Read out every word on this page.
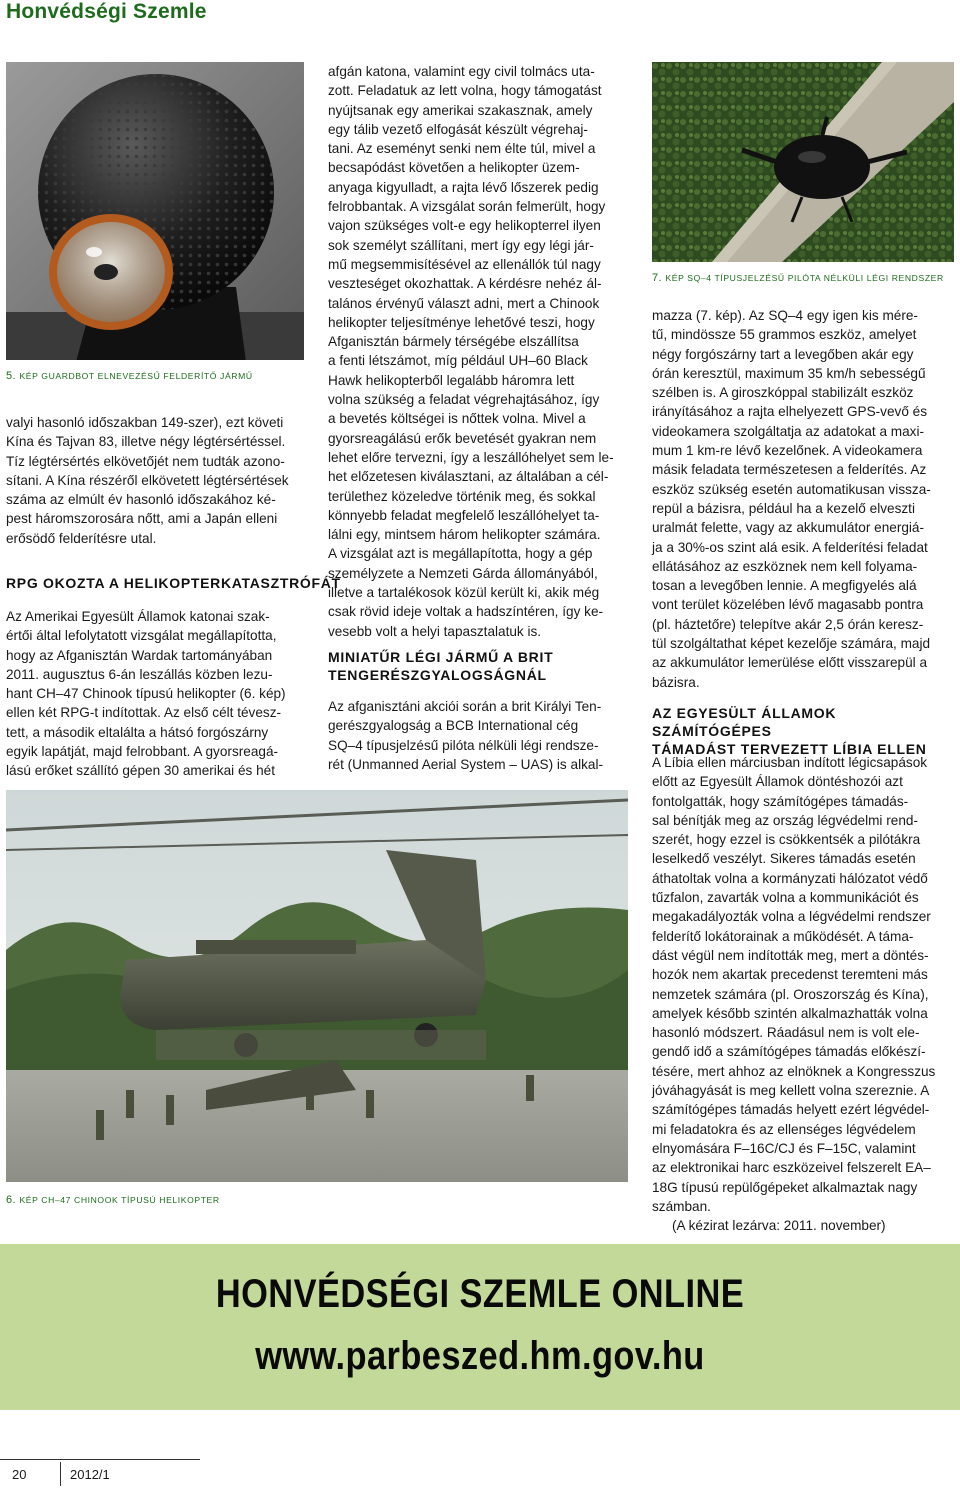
Honvédségi Szemle
5. KÉP GUARDBOT ELNEVEZÉSŰ FELDERÍTŐ JÁRMŰ

valyi hasonló időszakban 149-szer), ezt követi

Kína és Tajvan 83, illetve négy légtérsértéssel.

Tíz légtérsértés elkövetőjét nem tudták azono-

sítani. A Kína részéről elkövetett légtérsértések

száma az elmúlt év hasonló időszakához ké-

pest háromszorosára nőtt, ami a Japán elleni

erősödő felderítésre utal.

RPG OKOZTA A HELIKOPTERKATASZTRÓFÁT

Az Amerikai Egyesült Államok katonai szak-

értői által lefolytatott vizsgálat megállapította,

hogy az Afganisztán Wardak tartományában

2011. augusztus 6-án leszállás közben lezu-

hant CH–47 Chinook típusú helikopter (6. kép)

ellen két RPG-t indítottak. Az első célt tévesz-

tett, a második eltalálta a hátsó forgószárny

egyik lapátját, majd felrobbant. A gyorsreagá-

lású erőket szállító gépen 30 amerikai és hét

6. KÉP CH–47 CHINOOK TÍPUSÚ HELIKOPTER

afgán katona, valamint egy civil tolmács uta-

zott. Feladatuk az lett volna, hogy támogatást

nyújtsanak egy amerikai szakasznak, amely

egy tálib vezető elfogását készült végrehaj-

tani. Az eseményt senki nem élte túl, mivel a

becsapódást követően a helikopter üzem-

anyaga kigyulladt, a rajta lévő lőszerek pedig

felrobbantak. A vizsgálat során felmerült, hogy

vajon szükséges volt-e egy helikopterrel ilyen

sok személyt szállítani, mert így egy légi jár-

mű megsemmisítésével az ellenállók túl nagy

veszteséget okozhattak. A kérdésre nehéz ál-

talános érvényű választ adni, mert a Chinook

helikopter teljesítménye lehetővé teszi, hogy

Afganisztán bármely térségébe elszállítsa

a fenti létszámot, míg például UH–60 Black

Hawk helikopterből legalább háromra lett

volna szükség a feladat végrehajtásához, így

a bevetés költségei is nőttek volna. Mivel a

gyorsreagálású erők bevetését gyakran nem

lehet előre tervezni, így a leszállóhelyet sem le-

het előzetesen kiválasztani, az általában a cél-

területhez közeledve történik meg, és sokkal

könnyebb feladat megfelelő leszállóhelyet ta-

lálni egy, mintsem három helikopter számára.

A vizsgálat azt is megállapította, hogy a gép

személyzete a Nemzeti Gárda állományából,

illetve a tartalékosok közül került ki, akik még

csak rövid ideje voltak a hadszíntéren, így ke-

vesebb volt a helyi tapasztalatuk is.

MINIATŰR LÉGI JÁRMŰ A BRIT
TENGERÉSZGYALOGSÁGNÁL

Az afganisztáni akciói során a brit Királyi Ten-

gerészgyalogság a BCB International cég

SQ–4 típusjelzésű pilóta nélküli légi rendsze-

rét (Unmanned Aerial System – UAS) is alkal-

7. KÉP SQ–4 TÍPUSJELZÉSŰ PILÓTA NÉLKÜLI LÉGI RENDSZER

mazza (7. kép). Az SQ–4 egy igen kis mére-

tű, mindössze 55 grammos eszköz, amelyet

négy forgószárny tart a levegőben akár egy

órán keresztül, maximum 35 km/h sebességű

szélben is. A giroszkóppal stabilizált eszköz

irányításához a rajta elhelyezett GPS-vevő és

videokamera szolgáltatja az adatokat a maxi-

mum 1 km-re lévő kezelőnek. A videokamera

másik feladata természetesen a felderítés. Az

eszköz szükség esetén automatikusan vissza-

repül a bázisra, például ha a kezelő elveszti

uralmát felette, vagy az akkumulátor energiá-

ja a 30%-os szint alá esik. A felderítési feladat

ellátásához az eszköznek nem kell folyama-

tosan a levegőben lennie. A megfigyelés alá

vont terület közelében lévő magasabb pontra

(pl. háztetőre) telepítve akár 2,5 órán keresz-

tül szolgáltathat képet kezelője számára, majd

az akkumulátor lemerülése előtt visszarepül a

bázisra.

AZ EGYESÜLT ÁLLAMOK SZÁMÍTÓGÉPES
TÁMADÁST TERVEZETT LÍBIA ELLEN

A Líbia ellen márciusban indított légicsapások

előtt az Egyesült Államok döntéshozói azt

fontolgatták, hogy számítógépes támadás-

sal bénítják meg az ország légvédelmi rend-

szerét, hogy ezzel is csökkentsék a pilótákra

leselkedő veszélyt. Sikeres támadás esetén

áthatoltak volna a kormányzati hálózatot védő

tűzfalon, zavarták volna a kommunikációt és

megakadályozták volna a légvédelmi rendszer

felderítő lokátorainak a működését. A táma-

dást végül nem indították meg, mert a döntés-

hozók nem akartak precedenst teremteni más

nemzetek számára (pl. Oroszország és Kína),

amelyek később szintén alkalmazhatták volna

hasonló módszert. Ráadásul nem is volt ele-

gendő idő a számítógépes támadás előkészí-

tésére, mert ahhoz az elnöknek a Kongresszus

jóváhagyását is meg kellett volna szereznie. A

számítógépes támadás helyett ezért légvédel-

mi feladatokra és az ellenséges légvédelem

elnyomására F–16C/CJ és F–15C, valamint

az elektronikai harc eszközeivel felszerelt EA–

18G típusú repülőgépeket alkalmaztak nagy

számban.

(A kézirat lezárva: 2011. november)

HONVÉDSÉGI SZEMLE ONLINE
www.parbeszed.hm.gov.hu
20	2012/1
